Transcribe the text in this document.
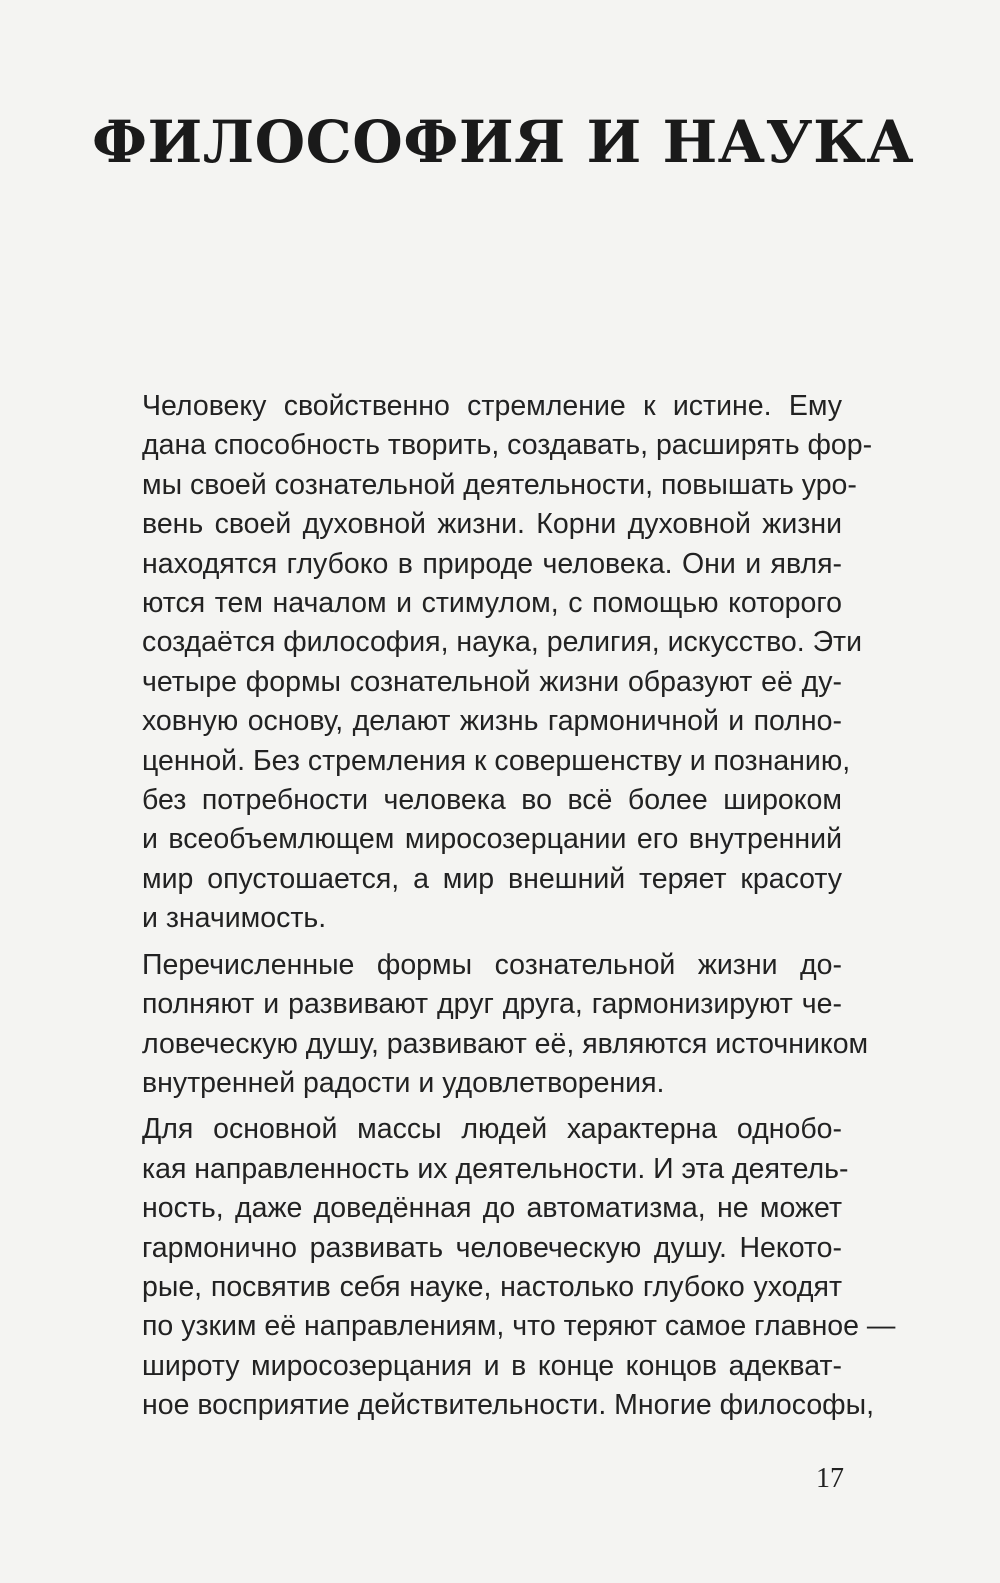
ФИЛОСОФИЯ И НАУКА

Человеку свойственно стремление к истине. Ему
дана способность творить, создавать, расширять фор-
мы своей сознательной деятельности, повышать уро-
вень своей духовной жизни. Корни духовной жизни
находятся глубоко в природе человека. Они и явля-
ются тем началом и стимулом, с помощью которого
создаётся философия, наука, религия, искусство. Эти
четыре формы сознательной жизни образуют её ду-
ховную основу, делают жизнь гармоничной и полно-
ценной. Без стремления к совершенству и познанию,
без потребности человека во всё более широком
и всеобъемлющем миросозерцании его внутренний
мир опустошается, а мир внешний теряет красоту
и значимость.

Перечисленные формы сознательной жизни до-
полняют и развивают друг друга, гармонизируют че-
ловеческую душу, развивают её, являются источником
внутренней радости и удовлетворения.

Для основной массы людей характерна однобо-
кая направленность их деятельности. И эта деятель-
ность, даже доведённая до автоматизма, не может
гармонично развивать человеческую душу. Некото-
рые, посвятив себя науке, настолько глубоко уходят
по узким её направлениям, что теряют самое главное —
широту миросозерцания и в конце концов адекват-
ное восприятие действительности. Многие философы,

17
